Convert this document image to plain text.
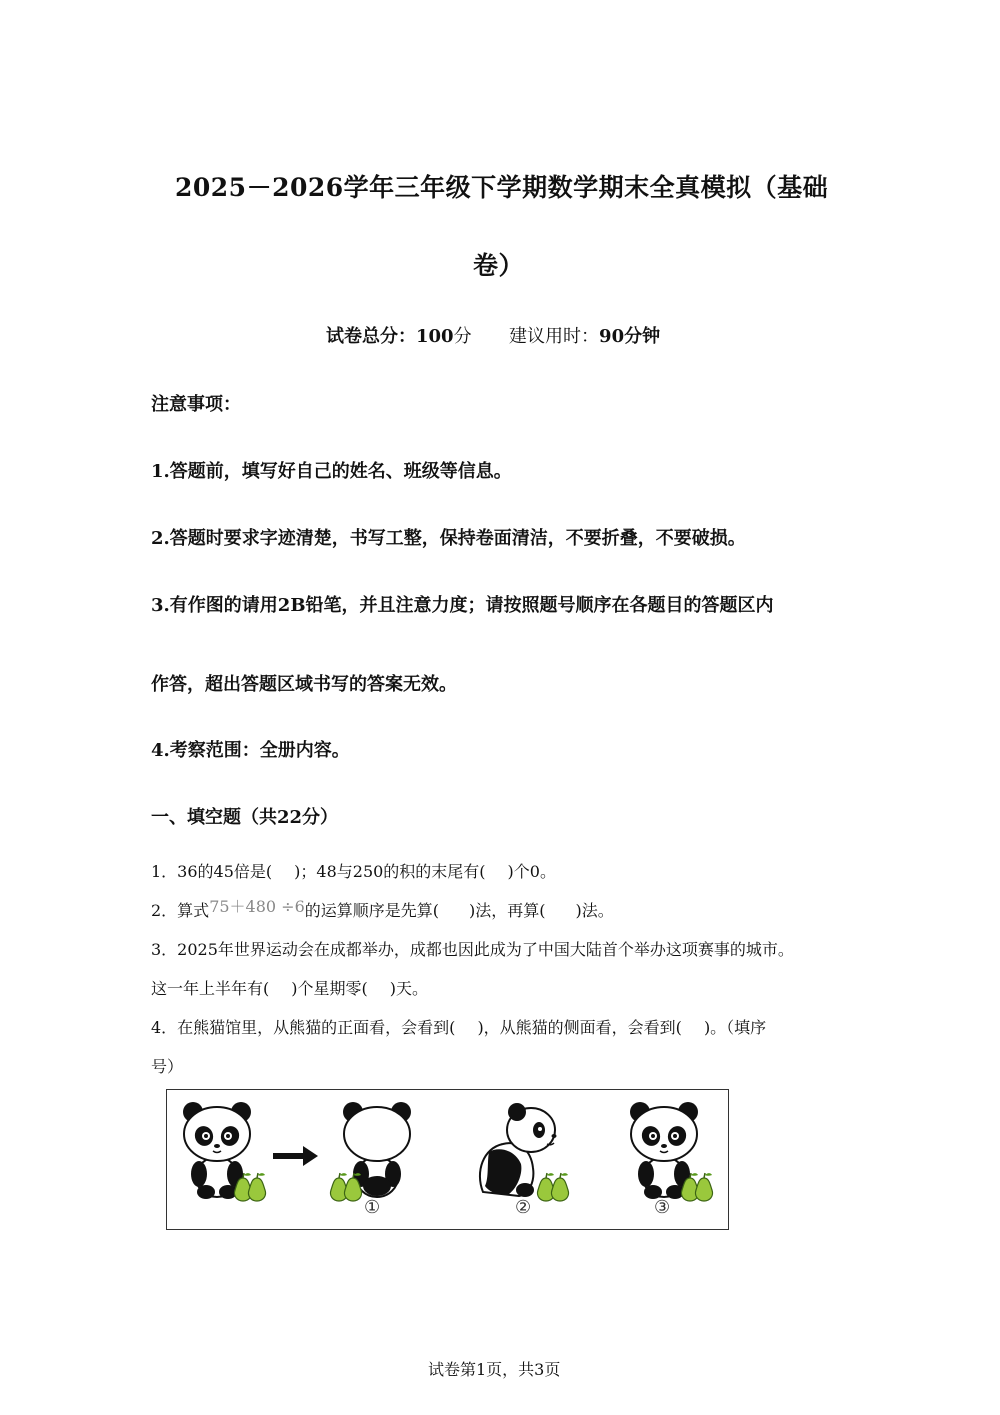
2025－2026学年三年级下学期数学期末全真模拟（基础
卷）
试卷总分：100分 建议用时：90分钟
注意事项：
1.答题前，填写好自己的姓名、班级等信息。
2.答题时要求字迹清楚，书写工整，保持卷面清洁，不要折叠，不要破损。
3.有作图的请用2B铅笔，并且注意力度；请按照题号顺序在各题目的答题区内
作答，超出答题区域书写的答案无效。
4.考察范围：全册内容。
一、填空题（共22分）
1．36的45倍是( )；48与250的积的末尾有( )个0。
2．算式75＋480 ÷6的运算顺序是先算( )法，再算( )法。
3．2025年世界运动会在成都举办，成都也因此成为了中国大陆首个举办这项赛事的城市。
这一年上半年有( )个星期零( )天。
4．在熊猫馆里，从熊猫的正面看，会看到( )，从熊猫的侧面看，会看到( )。（填序
号）
①	②	③
试卷第1页，共3页
